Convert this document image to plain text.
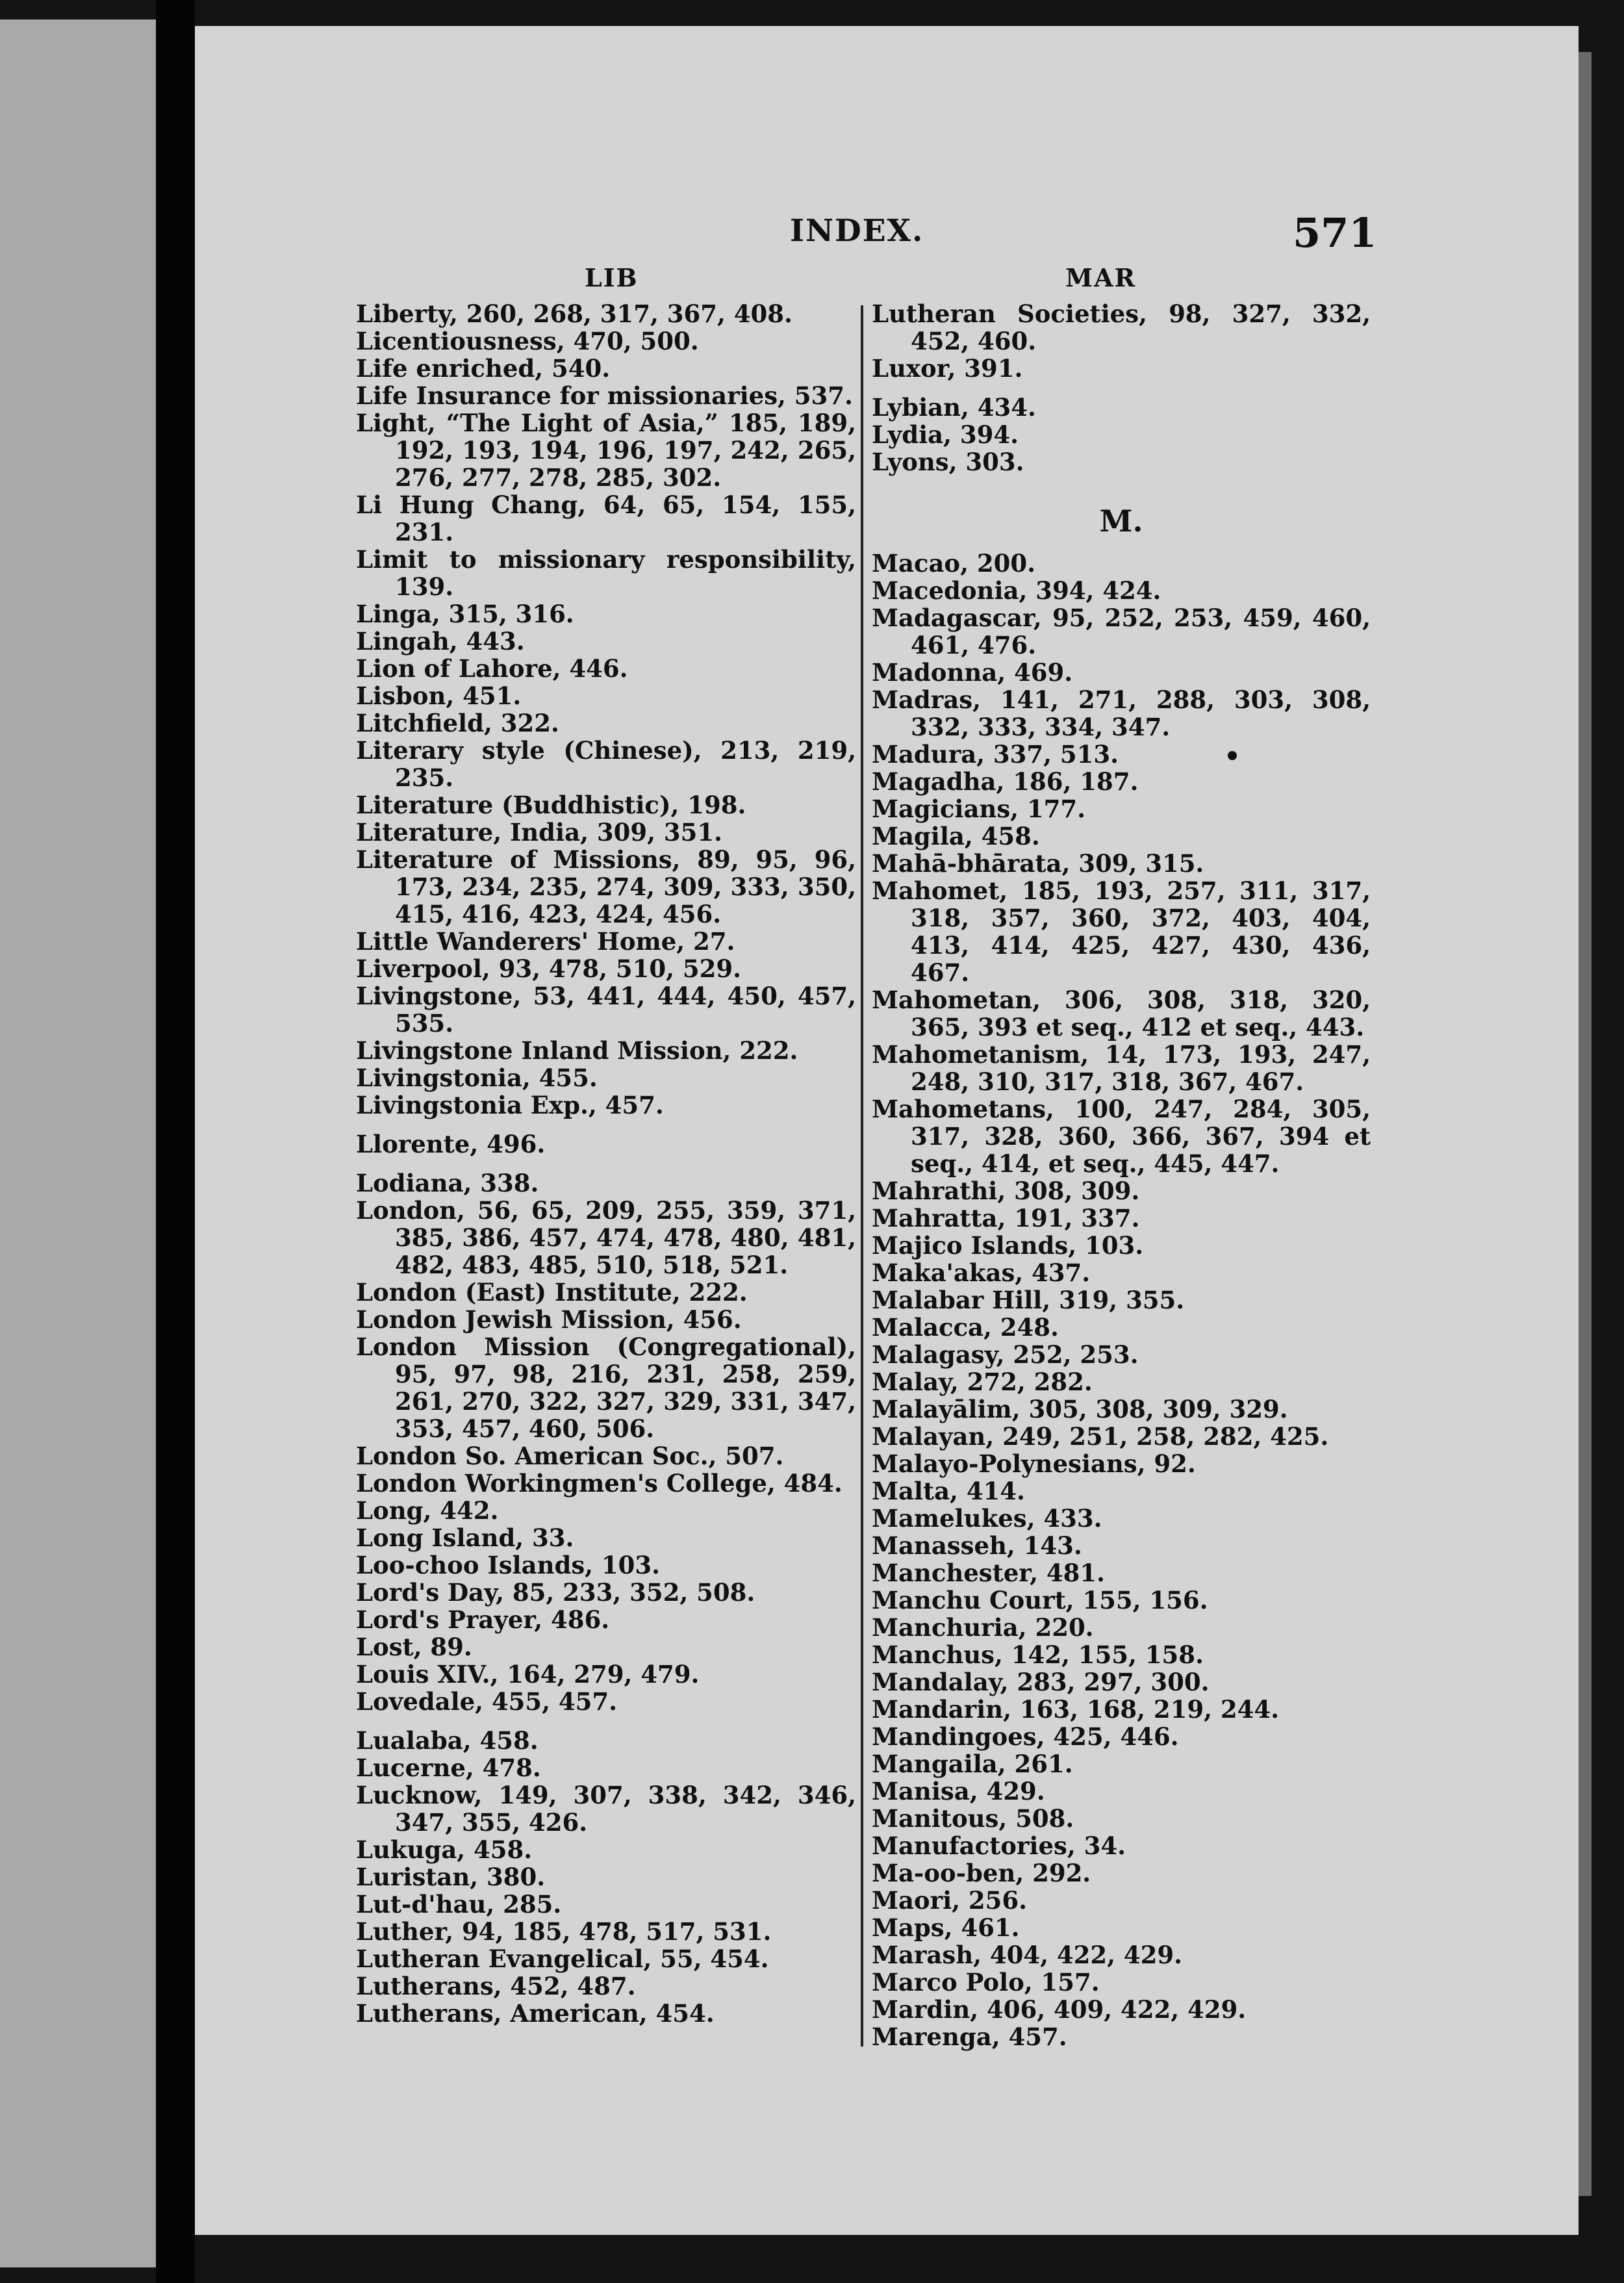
INDEX.	571
LIB	MAR
Liberty, 260, 268, 317, 367, 408.
Licentiousness, 470, 500.
Life enriched, 540.
Life Insurance for missionaries, 537.
Light, “The Light of Asia,” 185, 189, 192, 193, 194, 196, 197, 242, 265, 276, 277, 278, 285, 302.
Li Hung Chang, 64, 65, 154, 155, 231.
Limit to missionary responsibility, 139.
Linga, 315, 316.
Lingah, 443.
Lion of Lahore, 446.
Lisbon, 451.
Litchfield, 322.
Literary style (Chinese), 213, 219, 235.
Literature (Buddhistic), 198.
Literature, India, 309, 351.
Literature of Missions, 89, 95, 96, 173, 234, 235, 274, 309, 333, 350, 415, 416, 423, 424, 456.
Little Wanderers' Home, 27.
Liverpool, 93, 478, 510, 529.
Livingstone, 53, 441, 444, 450, 457, 535.
Livingstone Inland Mission, 222.
Livingstonia, 455.
Livingstonia Exp., 457.
Llorente, 496.
Lodiana, 338.
London, 56, 65, 209, 255, 359, 371, 385, 386, 457, 474, 478, 480, 481, 482, 483, 485, 510, 518, 521.
London (East) Institute, 222.
London Jewish Mission, 456.
London Mission (Congregational), 95, 97, 98, 216, 231, 258, 259, 261, 270, 322, 327, 329, 331, 347, 353, 457, 460, 506.
London So. American Soc., 507.
London Workingmen's College, 484.
Long, 442.
Long Island, 33.
Loo-choo Islands, 103.
Lord's Day, 85, 233, 352, 508.
Lord's Prayer, 486.
Lost, 89.
Louis XIV., 164, 279, 479.
Lovedale, 455, 457.
Lualaba, 458.
Lucerne, 478.
Lucknow, 149, 307, 338, 342, 346, 347, 355, 426.
Lukuga, 458.
Luristan, 380.
Lut-d'hau, 285.
Luther, 94, 185, 478, 517, 531.
Lutheran Evangelical, 55, 454.
Lutherans, 452, 487.
Lutherans, American, 454.
Lutheran Societies, 98, 327, 332, 452, 460.
Luxor, 391.
Lybian, 434.
Lydia, 394.
Lyons, 303.
M.
Macao, 200.
Macedonia, 394, 424.
Madagascar, 95, 252, 253, 459, 460, 461, 476.
Madonna, 469.
Madras, 141, 271, 288, 303, 308, 332, 333, 334, 347.
Madura, 337, 513.
Magadha, 186, 187.
Magicians, 177.
Magila, 458.
Mahā-bhārata, 309, 315.
Mahomet, 185, 193, 257, 311, 317, 318, 357, 360, 372, 403, 404, 413, 414, 425, 427, 430, 436, 467.
Mahometan, 306, 308, 318, 320, 365, 393 et seq., 412 et seq., 443.
Mahometanism, 14, 173, 193, 247, 248, 310, 317, 318, 367, 467.
Mahometans, 100, 247, 284, 305, 317, 328, 360, 366, 367, 394 et seq., 414, et seq., 445, 447.
Mahrathi, 308, 309.
Mahratta, 191, 337.
Majico Islands, 103.
Maka'akas, 437.
Malabar Hill, 319, 355.
Malacca, 248.
Malagasy, 252, 253.
Malay, 272, 282.
Malayālim, 305, 308, 309, 329.
Malayan, 249, 251, 258, 282, 425.
Malayo-Polynesians, 92.
Malta, 414.
Mamelukes, 433.
Manasseh, 143.
Manchester, 481.
Manchu Court, 155, 156.
Manchuria, 220.
Manchus, 142, 155, 158.
Mandalay, 283, 297, 300.
Mandarin, 163, 168, 219, 244.
Mandingoes, 425, 446.
Mangaila, 261.
Manisa, 429.
Manitous, 508.
Manufactories, 34.
Ma-oo-ben, 292.
Maori, 256.
Maps, 461.
Marash, 404, 422, 429.
Marco Polo, 157.
Mardin, 406, 409, 422, 429.
Marenga, 457.
